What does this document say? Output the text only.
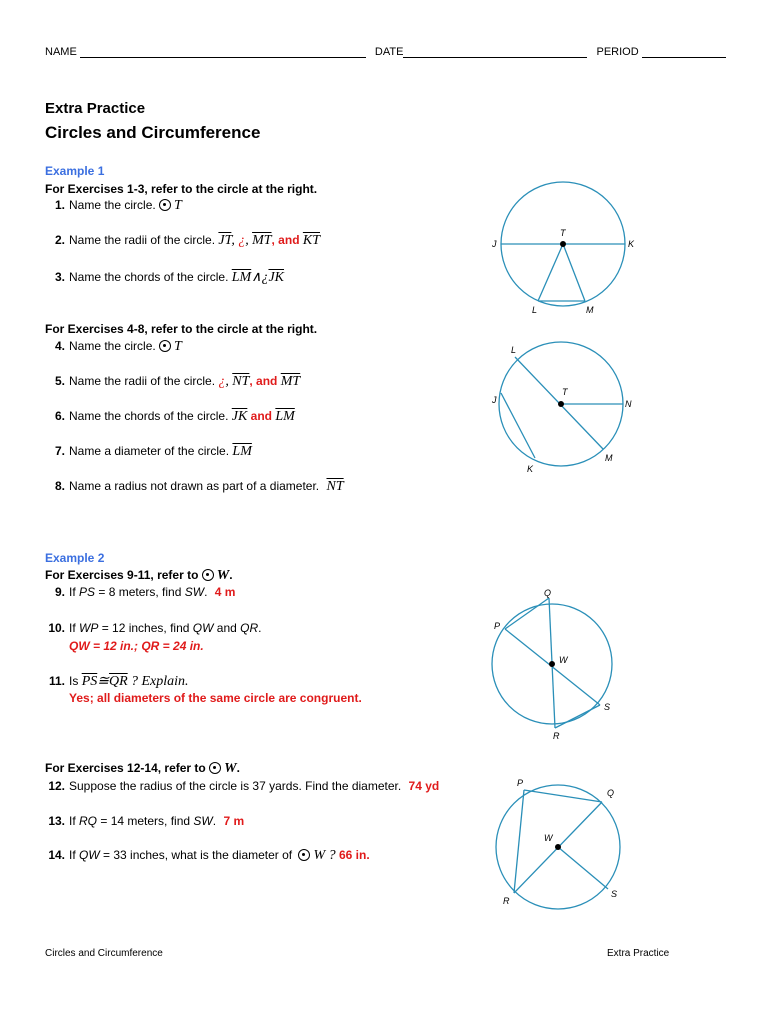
NAME	DATE	PERIOD
Extra Practice
Circles and Circumference
Example 1
For Exercises 1-3, refer to the circle at the right.
1. Name the circle. T
2. Name the radii of the circle. $\overline{JT}$, ¿, $\overline{MT}$, and $\overline{KT}$
3. Name the chords of the circle. $\overline{LM}\wedge¿\overline{JK}$
For Exercises 4-8, refer to the circle at the right.
4. Name the circle. T
5. Name the radii of the circle. ¿, $\overline{NT}$, and $\overline{MT}$
6. Name the chords of the circle. $\overline{JK}$ and $\overline{LM}$
7. Name a diameter of the circle. $\overline{LM}$
8. Name a radius not drawn as part of a diameter. $\overline{NT}$
Example 2
For Exercises 9-11, refer to W.
9. If PS = 8 meters, find SW. 4 m
10. If WP = 12 inches, find QW and QR.
QW = 12 in.; QR = 24 in.
11. Is $\overline{PS}≅\overline{QR}$ ? Explain.
Yes; all diameters of the same circle are congruent.
For Exercises 12-14, refer to W.
12. Suppose the radius of the circle is 37 yards. Find the diameter. 74 yd
13. If RQ = 14 meters, find SW. 7 m
14. If QW = 33 inches, what is the diameter of W ? 66 in.
T
J	K
L	M
L
T
J	N
K
M
Q
P
W
S
R
P
Q
W
S
R
Circles and Circumference	Extra Practice
